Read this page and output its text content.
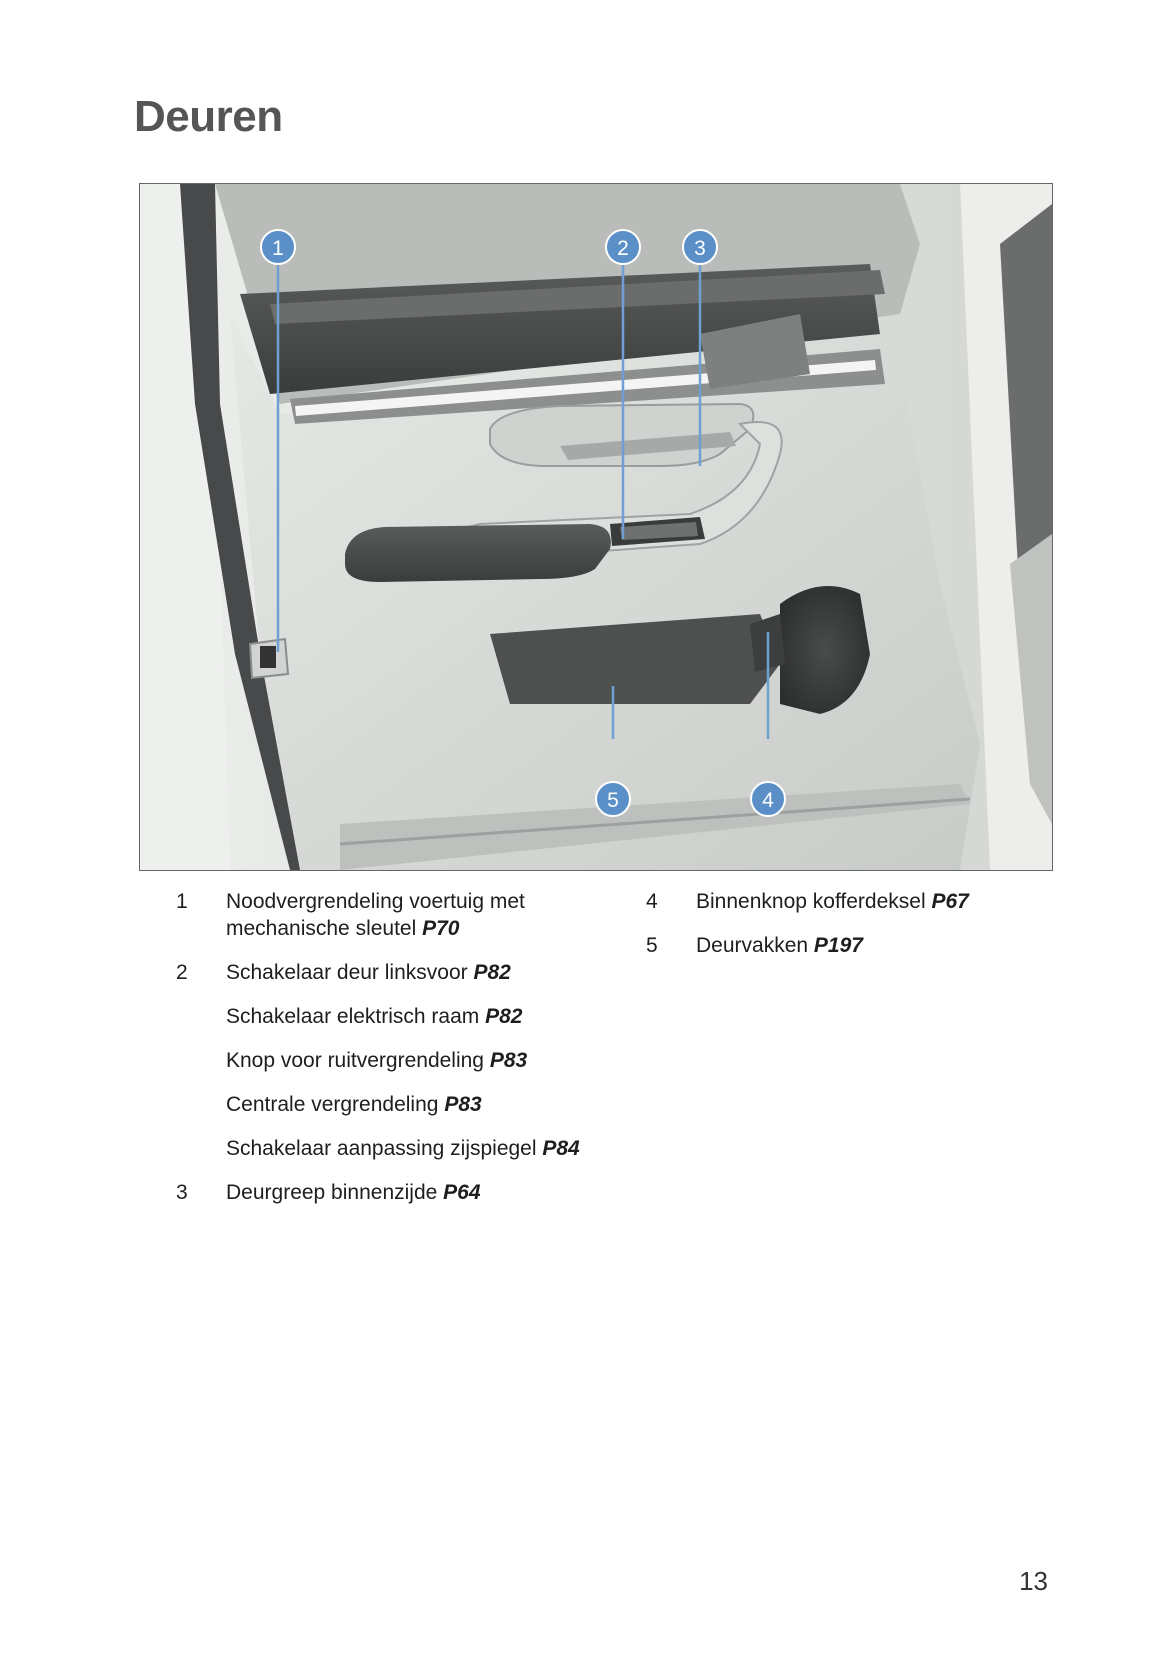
Deuren
1	2	3
4
5
1 Noodvergrendeling voertuig met mechanische sleutel P70
2 Schakelaar deur linksvoor P82
Schakelaar elektrisch raam P82
Knop voor ruitvergrendeling P83
Centrale vergrendeling P83
Schakelaar aanpassing zijspiegel P84
3 Deurgreep binnenzijde P64
4 Binnenknop kofferdeksel P67
5 Deurvakken P197
13
